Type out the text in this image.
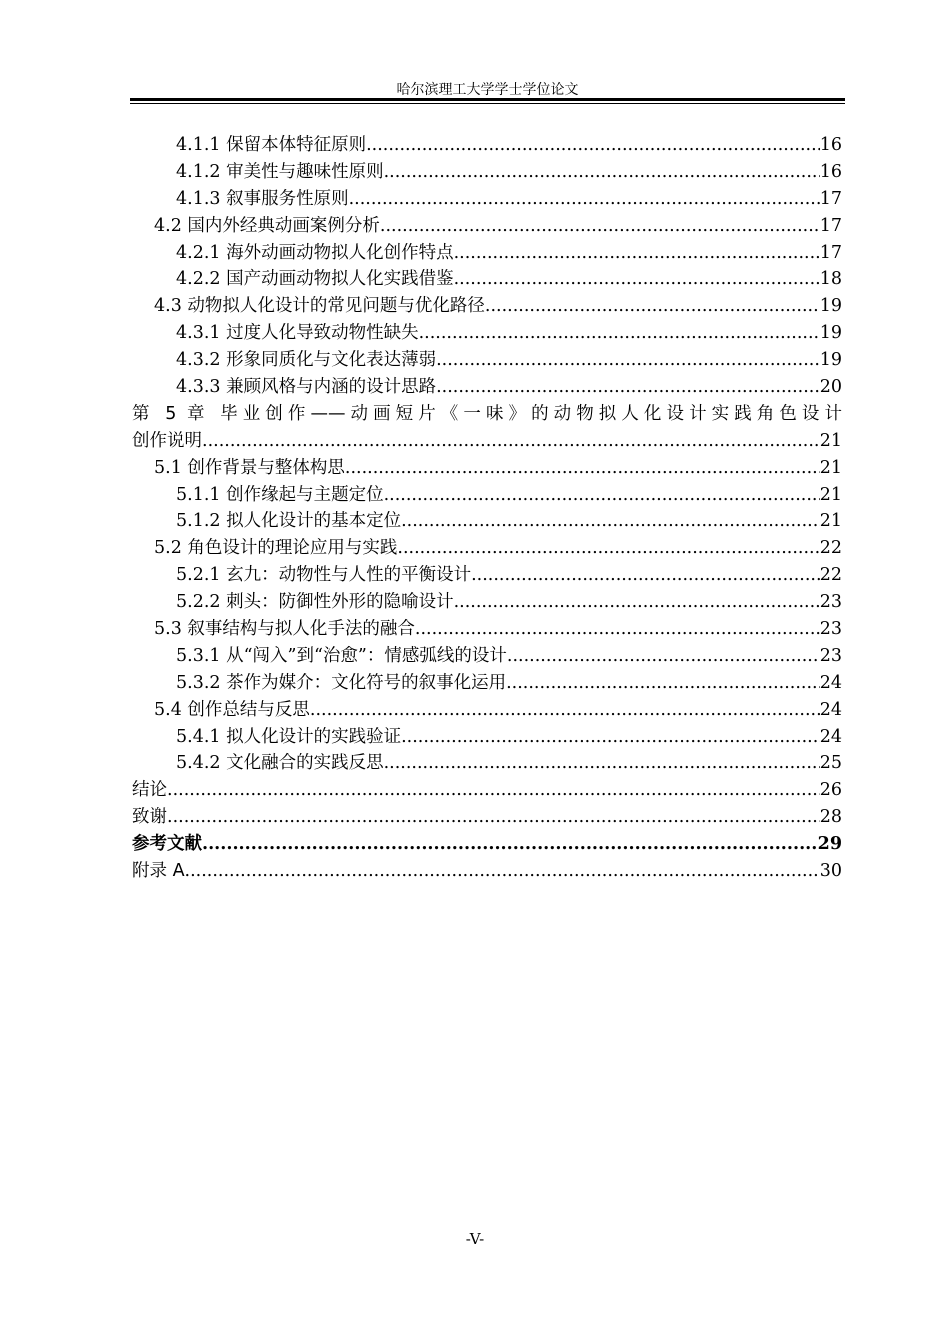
哈尔滨理工大学学士学位论文
4.1.1 保留本体特征原则 .....	16
4.1.2 审美性与趣味性原则 .....	16
4.1.3 叙事服务性原则 .....	17
4.2 国内外经典动画案例分析 .....	17
4.2.1 海外动画动物拟人化创作特点 .....	17
4.2.2 国产动画动物拟人化实践借鉴 .....	18
4.3 动物拟人化设计的常见问题与优化路径 .....	19
4.3.1 过度人化导致动物性缺失 .....	19
4.3.2 形象同质化与文化表达薄弱 .....	19
4.3.3 兼顾风格与内涵的设计思路 .....	20
第 5 章 毕业创作——动画短片《一味》的动物拟人化设计实践角色设计
创作说明 .....	21
5.1 创作背景与整体构思 .....	21
5.1.1 创作缘起与主题定位 .....	21
5.1.2 拟人化设计的基本定位 .....	21
5.2 角色设计的理论应用与实践 .....	22
5.2.1 玄九：动物性与人性的平衡设计 .....	22
5.2.2 刺头：防御性外形的隐喻设计 .....	23
5.3 叙事结构与拟人化手法的融合 .....	23
5.3.1 从“闯入”到“治愈”：情感弧线的设计 .....	23
5.3.2 茶作为媒介：文化符号的叙事化运用 .....	24
5.4 创作总结与反思 .....	24
5.4.1 拟人化设计的实践验证 .....	24
5.4.2 文化融合的实践反思 .....	25
结论 .....	26
致谢 .....	28
参考文献 .....	29
附录 A .....	30
-V-
